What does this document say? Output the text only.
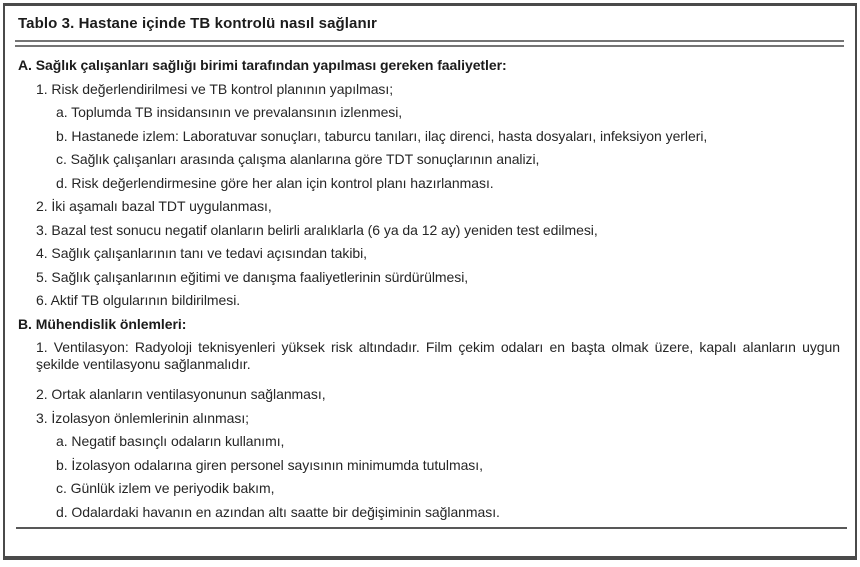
Tablo 3. Hastane içinde TB kontrolü nasıl sağlanır
A. Sağlık çalışanları sağlığı birimi tarafından yapılması gereken faaliyetler:
1. Risk değerlendirilmesi ve TB kontrol planının yapılması;
a. Toplumda TB insidansının ve prevalansının izlenmesi,
b. Hastanede izlem: Laboratuvar sonuçları, taburcu tanıları, ilaç direnci, hasta dosyaları, infeksiyon yerleri,
c. Sağlık çalışanları arasında çalışma alanlarına göre TDT sonuçlarının analizi,
d. Risk değerlendirmesine göre her alan için kontrol planı hazırlanması.
2. İki aşamalı bazal TDT uygulanması,
3. Bazal test sonucu negatif olanların belirli aralıklarla (6 ya da 12 ay) yeniden test edilmesi,
4. Sağlık çalışanlarının tanı ve tedavi açısından takibi,
5. Sağlık çalışanlarının eğitimi ve danışma faaliyetlerinin sürdürülmesi,
6. Aktif TB olgularının bildirilmesi.
B. Mühendislik önlemleri:
1. Ventilasyon: Radyoloji teknisyenleri yüksek risk altındadır. Film çekim odaları en başta olmak üzere, kapalı alanların uygun şekilde ventilasyonu sağlanmalıdır.
2. Ortak alanların ventilasyonunun sağlanması,
3. İzolasyon önlemlerinin alınması;
a. Negatif basınçlı odaların kullanımı,
b. İzolasyon odalarına giren personel sayısının minimumda tutulması,
c. Günlük izlem ve periyodik bakım,
d. Odalardaki havanın en azından altı saatte bir değişiminin sağlanması.
